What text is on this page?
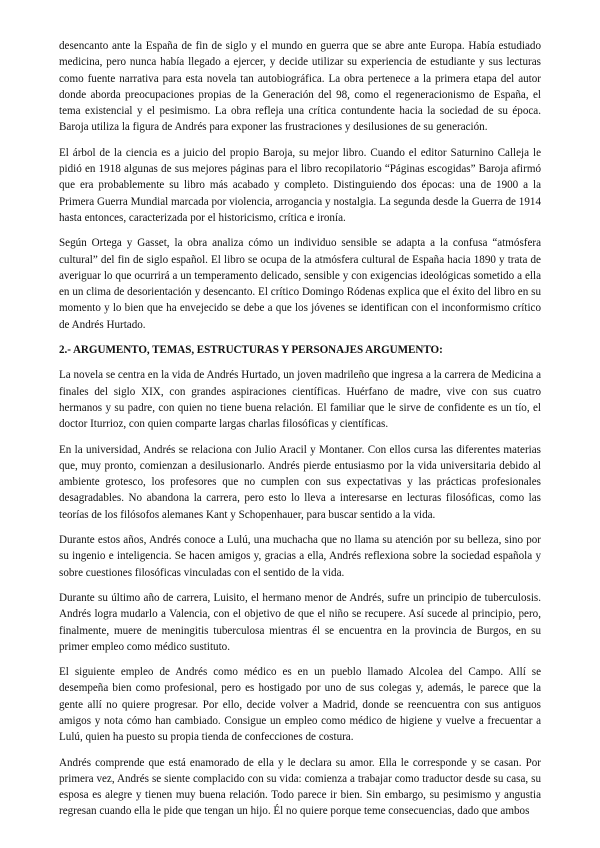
desencanto ante la España de fin de siglo y el mundo en guerra que se abre ante Europa. Había estudiado medicina, pero nunca había llegado a ejercer, y decide utilizar su experiencia de estudiante y sus lecturas como fuente narrativa para esta novela tan autobiográfica. La obra pertenece a la primera etapa del autor donde aborda preocupaciones propias de la Generación del 98, como el regeneracionismo de España, el tema existencial y el pesimismo. La obra refleja una crítica contundente hacia la sociedad de su época. Baroja utiliza la figura de Andrés para exponer las frustraciones y desilusiones de su generación.

El árbol de la ciencia es a juicio del propio Baroja, su mejor libro. Cuando el editor Saturnino Calleja le pidió en 1918 algunas de sus mejores páginas para el libro recopilatorio “Páginas escogidas” Baroja afirmó que era probablemente su libro más acabado y completo. Distinguiendo dos épocas: una de 1900 a la Primera Guerra Mundial marcada por violencia, arrogancia y nostalgia. La segunda desde la Guerra de 1914 hasta entonces, caracterizada por el historicismo, crítica e ironía.

Según Ortega y Gasset, la obra analiza cómo un individuo sensible se adapta a la confusa “atmósfera cultural” del fin de siglo español. El libro se ocupa de la atmósfera cultural de España hacia 1890 y trata de averiguar lo que ocurrirá a un temperamento delicado, sensible y con exigencias ideológicas sometido a ella en un clima de desorientación y desencanto. El crítico Domingo Ródenas explica que el éxito del libro en su momento y lo bien que ha envejecido se debe a que los jóvenes se identifican con el inconformismo crítico de Andrés Hurtado.

2.- ARGUMENTO, TEMAS, ESTRUCTURAS Y PERSONAJES ARGUMENTO:

La novela se centra en la vida de Andrés Hurtado, un joven madrileño que ingresa a la carrera de Medicina a finales del siglo XIX, con grandes aspiraciones científicas. Huérfano de madre, vive con sus cuatro hermanos y su padre, con quien no tiene buena relación. El familiar que le sirve de confidente es un tío, el doctor Iturrioz, con quien comparte largas charlas filosóficas y científicas.

En la universidad, Andrés se relaciona con Julio Aracil y Montaner. Con ellos cursa las diferentes materias que, muy pronto, comienzan a desilusionarlo. Andrés pierde entusiasmo por la vida universitaria debido al ambiente grotesco, los profesores que no cumplen con sus expectativas y las prácticas profesionales desagradables. No abandona la carrera, pero esto lo lleva a interesarse en lecturas filosóficas, como las teorías de los filósofos alemanes Kant y Schopenhauer, para buscar sentido a la vida.

Durante estos años, Andrés conoce a Lulú, una muchacha que no llama su atención por su belleza, sino por su ingenio e inteligencia. Se hacen amigos y, gracias a ella, Andrés reflexiona sobre la sociedad española y sobre cuestiones filosóficas vinculadas con el sentido de la vida.

Durante su último año de carrera, Luisito, el hermano menor de Andrés, sufre un principio de tuberculosis. Andrés logra mudarlo a Valencia, con el objetivo de que el niño se recupere. Así sucede al principio, pero, finalmente, muere de meningitis tuberculosa mientras él se encuentra en la provincia de Burgos, en su primer empleo como médico sustituto.

El siguiente empleo de Andrés como médico es en un pueblo llamado Alcolea del Campo. Allí se desempeña bien como profesional, pero es hostigado por uno de sus colegas y, además, le parece que la gente allí no quiere progresar. Por ello, decide volver a Madrid, donde se reencuentra con sus antiguos amigos y nota cómo han cambiado. Consigue un empleo como médico de higiene y vuelve a frecuentar a Lulú, quien ha puesto su propia tienda de confecciones de costura.

Andrés comprende que está enamorado de ella y le declara su amor. Ella le corresponde y se casan. Por primera vez, Andrés se siente complacido con su vida: comienza a trabajar como traductor desde su casa, su esposa es alegre y tienen muy buena relación. Todo parece ir bien. Sin embargo, su pesimismo y angustia regresan cuando ella le pide que tengan un hijo. Él no quiere porque teme consecuencias, dado que ambos
